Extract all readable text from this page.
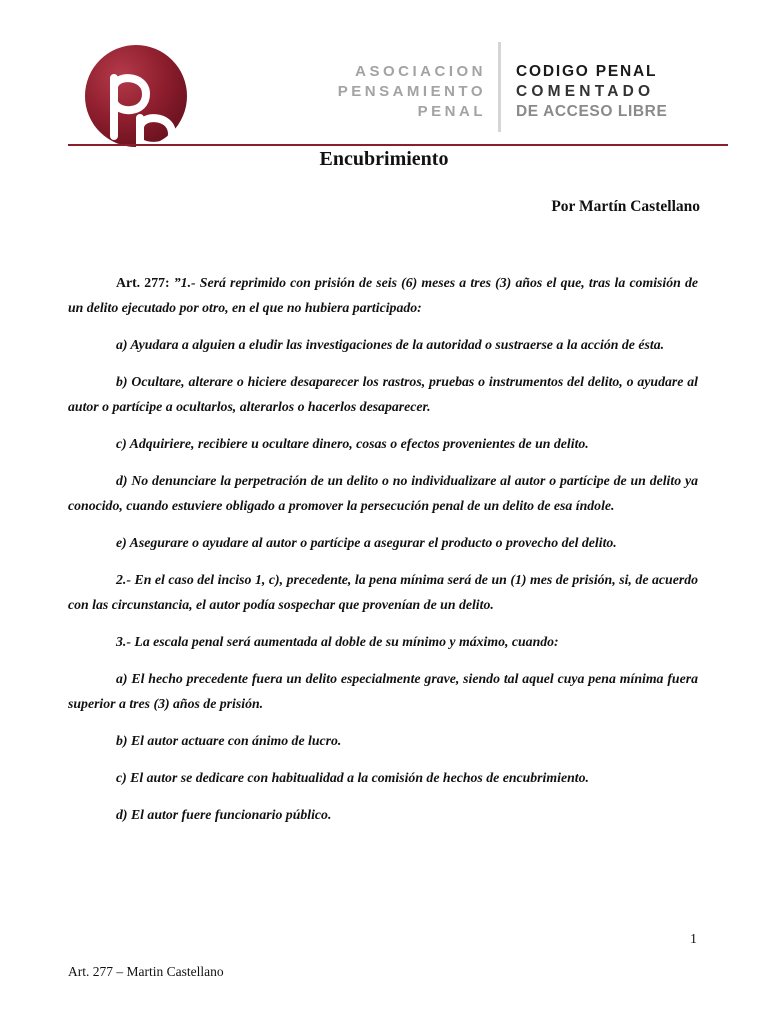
ASOCIACION
PENSAMIENTO
PENAL
CODIGO PENAL
COMENTADO
DE ACCESO LIBRE
Encubrimiento
Por Martín Castellano

Art. 277: ”1.- Será reprimido con prisión de seis (6) meses a tres (3) años el que, tras la comisión de un delito ejecutado por otro, en el que no hubiera participado:

a) Ayudara a alguien a eludir las investigaciones de la autoridad o sustraerse a la acción de ésta.

b) Ocultare, alterare o hiciere desaparecer los rastros, pruebas o instrumentos del delito, o ayudare al autor o partícipe a ocultarlos, alterarlos o hacerlos desaparecer.

c) Adquiriere, recibiere u ocultare dinero, cosas o efectos provenientes de un delito.

d) No denunciare la perpetración de un delito o no individualizare al autor o partícipe de un delito ya conocido, cuando estuviere obligado a promover la persecución penal de un delito de esa índole.

e) Asegurare o ayudare al autor o partícipe a asegurar el producto o provecho del delito.

2.- En el caso del inciso 1, c), precedente, la pena mínima será de un (1) mes de prisión, si, de acuerdo con las circunstancia, el autor podía sospechar que provenían de un delito.

3.- La escala penal será aumentada al doble de su mínimo y máximo, cuando:

a) El hecho precedente fuera un delito especialmente grave, siendo tal aquel cuya pena mínima fuera superior a tres (3) años de prisión.

b) El autor actuare con ánimo de lucro.

c) El autor se dedicare con habitualidad a la comisión de hechos de encubrimiento.

d) El autor fuere funcionario público.

1
Art. 277 – Martin Castellano
